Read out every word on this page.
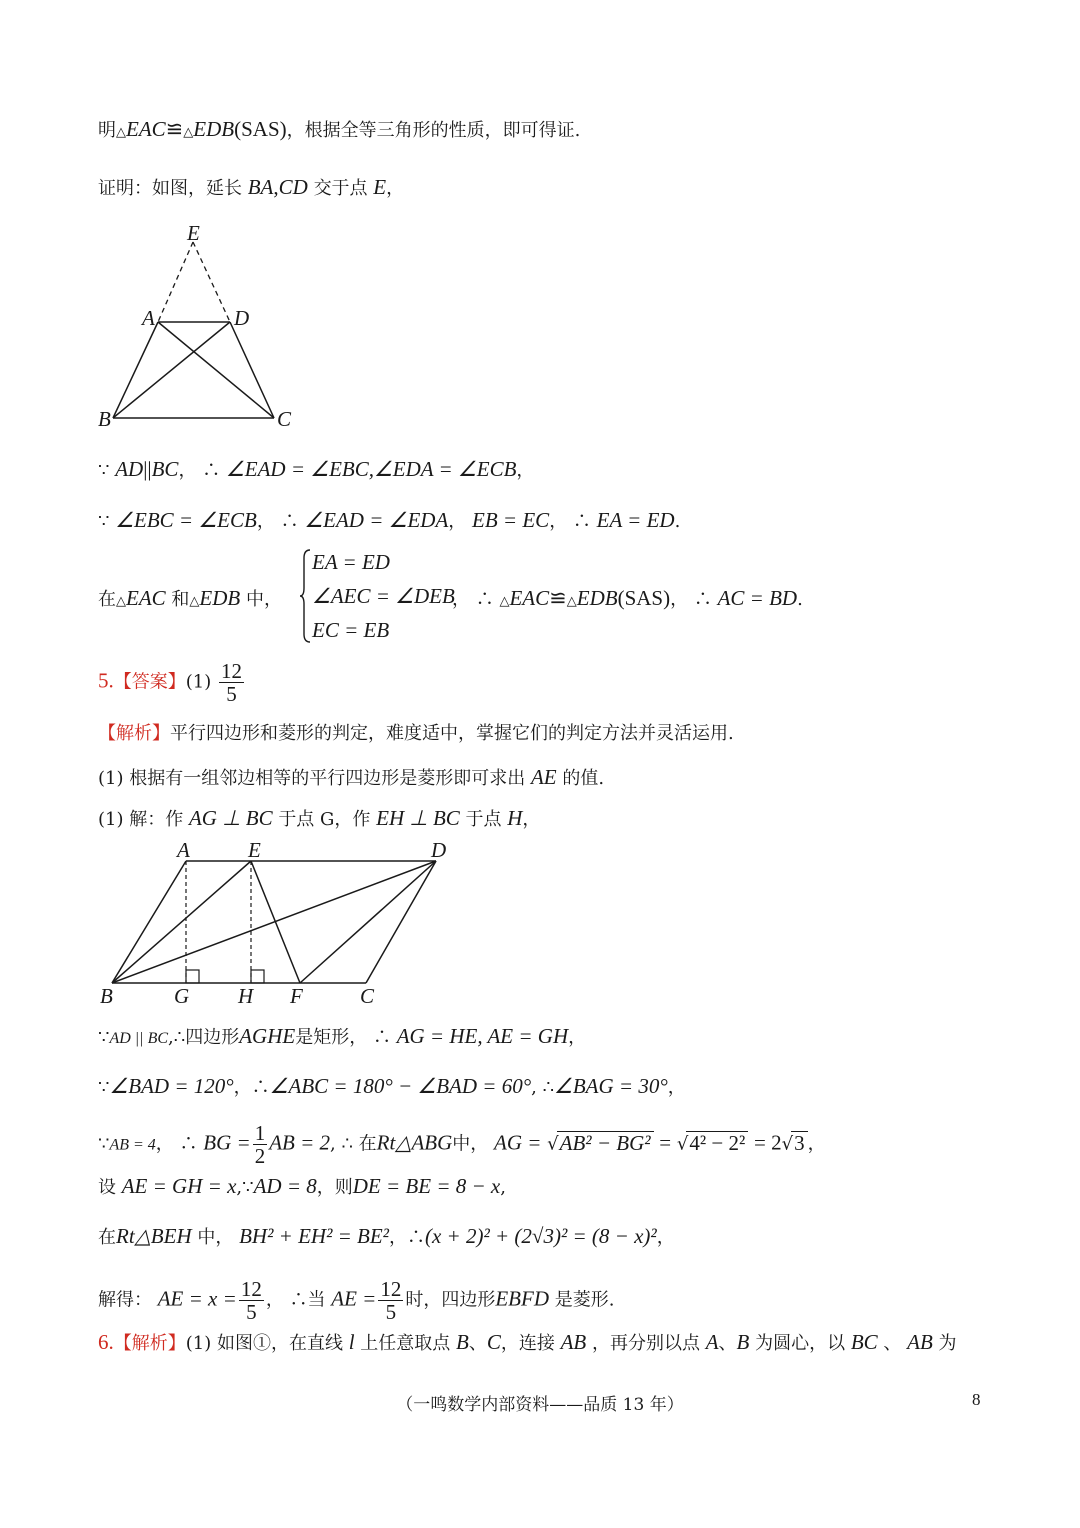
明△EAC≌△EDB(SAS)，根据全等三角形的性质，即可得证.
证明：如图，延长 BA,CD 交于点 E，
E
A	D
B	C
∵ AD||BC， ∴ ∠EAD = ∠EBC,∠EDA = ∠ECB，
∵ ∠EBC = ∠ECB， ∴ ∠EAD = ∠EDA， EB = EC， ∴ EA = ED.
在△EAC 和△EDB 中，
EA = ED
∠AEC = ∠DEB
EC = EB
， ∴ △EAC≌△EDB(SAS)， ∴ AC = BD.
5.【答案】$(1) \frac{12}{5}$
【解析】平行四边形和菱形的判定，难度适中，掌握它们的判定方法并灵活运用.
(1) 根据有一组邻边相等的平行四边形是菱形即可求出 AE 的值.
(1) 解：作 AG ⊥ BC 于点 G，作 EH ⊥ BC 于点 H，
A	E	D
B	G H F	C
∵AD || BC,∴四边形AGHE是矩形， ∴ AG = HE, AE = GH，
∵∠BAD = 120°，∴∠ABC = 180° − ∠BAD = 60°, ∴∠BAG = 30°，
∵AB = 4， ∴ BG = $\frac{1}{2}$ AB = 2, ∴ 在Rt△ABG中， AG = √AB² − BG² = √4² − 2² = 2√3 ，
设 AE = GH = x,∵AD = 8，则DE = BE = 8 − x,
在Rt△BEH 中， BH² + EH² = BE²，∴(x + 2)² + (2√3)² = (8 − x)²，
解得： AE = $x = \frac{12}{5}$ ， ∴当 AE = $\frac{12}{5}$ 时，四边形EBFD 是菱形.
6.【解析】(1) 如图①，在直线 l 上任意取点 B、C，连接 AB ，再分别以点 A、B 为圆心，以 BC 、 AB 为
（一鸣数学内部资料——品质 13 年）	8
